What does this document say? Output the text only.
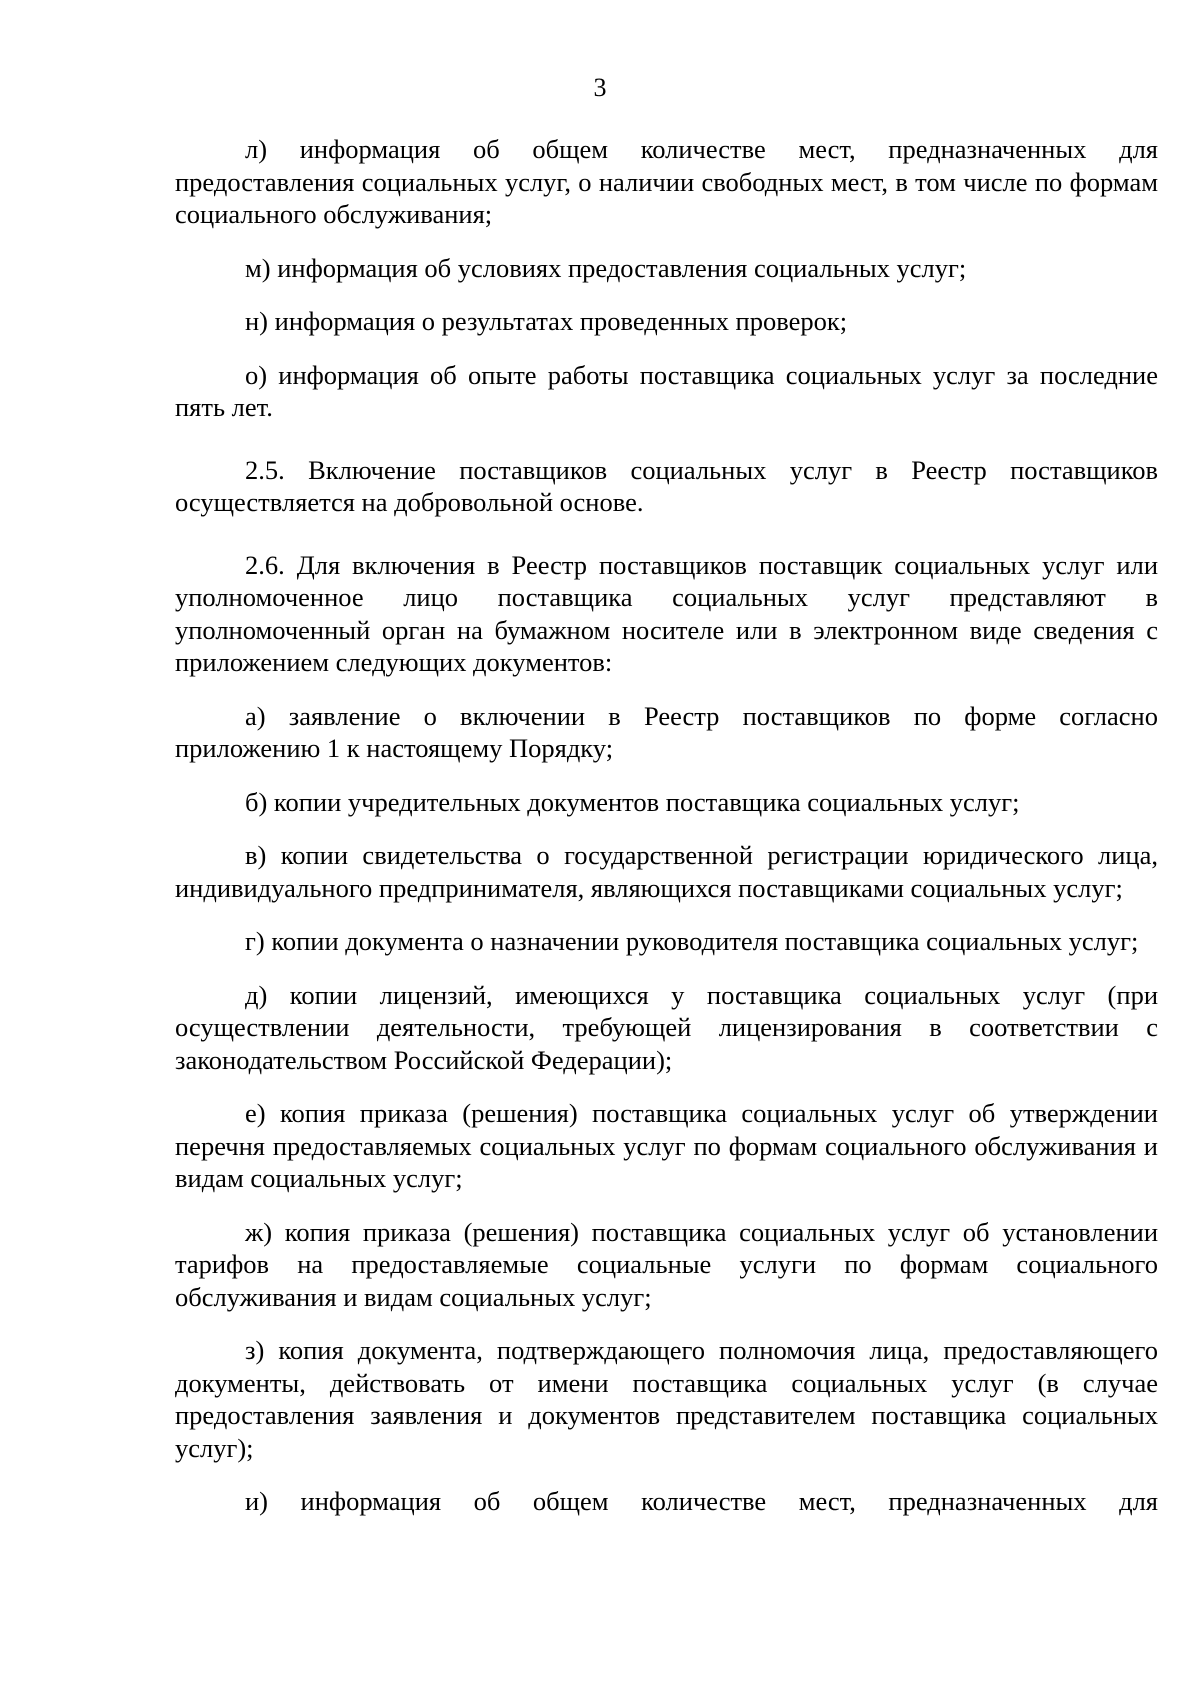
3

л) информация об общем количестве мест, предназначенных для предоставления социальных услуг, о наличии свободных мест, в том числе по формам социального обслуживания;

м) информация об условиях предоставления социальных услуг;

н) информация о результатах проведенных проверок;

о) информация об опыте работы поставщика социальных услуг за последние пять лет.

2.5. Включение поставщиков социальных услуг в Реестр поставщиков осуществляется на добровольной основе.

2.6. Для включения в Реестр поставщиков поставщик социальных услуг или уполномоченное лицо поставщика социальных услуг представляют в уполномоченный орган на бумажном носителе или в электронном виде сведения с приложением следующих документов:

а) заявление о включении в Реестр поставщиков по форме согласно приложению 1 к настоящему Порядку;

б) копии учредительных документов поставщика социальных услуг;

в) копии свидетельства о государственной регистрации юридического лица, индивидуального предпринимателя, являющихся поставщиками социальных услуг;

г) копии документа о назначении руководителя поставщика социальных услуг;

д) копии лицензий, имеющихся у поставщика социальных услуг (при осуществлении деятельности, требующей лицензирования в соответствии с законодательством Российской Федерации);

е) копия приказа (решения) поставщика социальных услуг об утверждении перечня предоставляемых социальных услуг по формам социального обслуживания и видам социальных услуг;

ж) копия приказа (решения) поставщика социальных услуг об установлении тарифов на предоставляемые социальные услуги по формам социального обслуживания и видам социальных услуг;

з) копия документа, подтверждающего полномочия лица, предоставляющего документы, действовать от имени поставщика социальных услуг (в случае предоставления заявления и документов представителем поставщика социальных услуг);

и) информация об общем количестве мест, предназначенных для
